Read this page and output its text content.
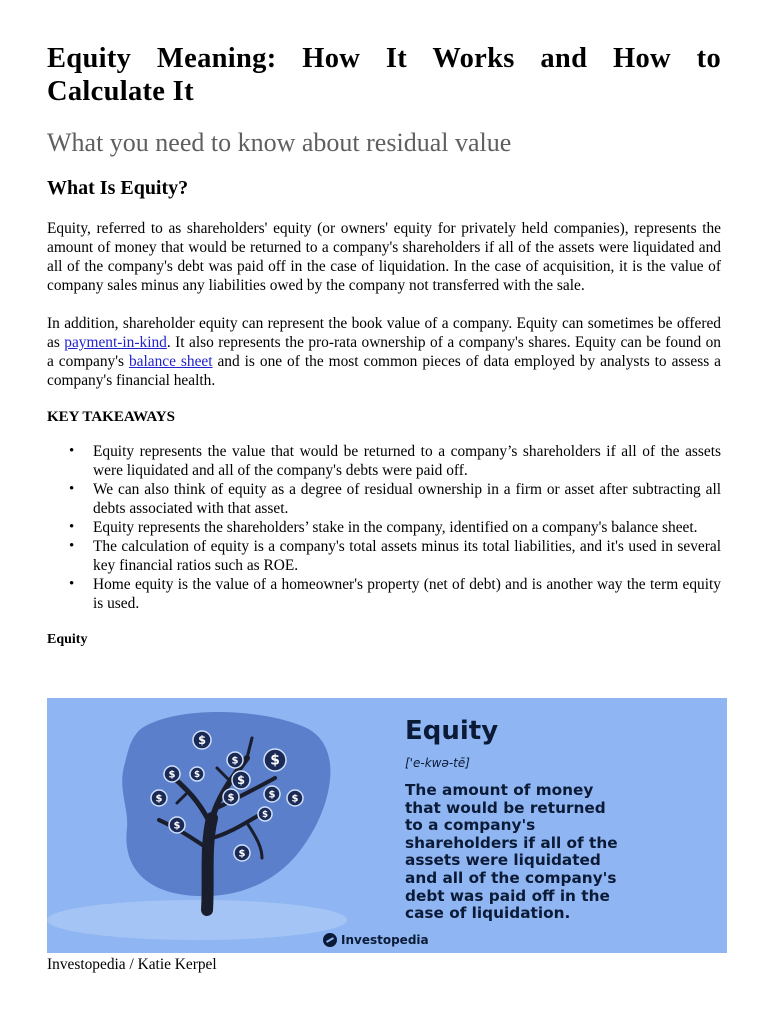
Equity Meaning: How It Works and How to
Calculate It
What you need to know about residual value
What Is Equity?

Equity, referred to as shareholders' equity (or owners' equity for privately held companies), represents the amount of money that would be returned to a company's shareholders if all of the assets were liquidated and all of the company's debt was paid off in the case of liquidation. In the case of acquisition, it is the value of company sales minus any liabilities owed by the company not transferred with the sale.

In addition, shareholder equity can represent the book value of a company. Equity can sometimes be offered as payment-in-kind. It also represents the pro-rata ownership of a company's shares. Equity can be found on a company's balance sheet and is one of the most common pieces of data employed by analysts to assess a company's financial health.

KEY TAKEAWAYS
• Equity represents the value that would be returned to a company’s shareholders if all of the assets were liquidated and all of the company's debts were paid off.
• We can also think of equity as a degree of residual ownership in a firm or asset after subtracting all debts associated with that asset.
• Equity represents the shareholders’ stake in the company, identified on a company's balance sheet.
• The calculation of equity is a company's total assets minus its total liabilities, and it's used in several key financial ratios such as ROE.
• Home equity is the value of a homeowner's property (net of debt) and is another way the term equity is used.
Equity
$
$ $
$ $	$
$
$	$	$
$
$
$
Equity
['e-kwə-tē]
The amount of money
that would be returned
to a company's
shareholders if all of the
assets were liquidated
and all of the company's
debt was paid off in the
case of liquidation.
Investopedia
Investopedia / Katie Kerpel
